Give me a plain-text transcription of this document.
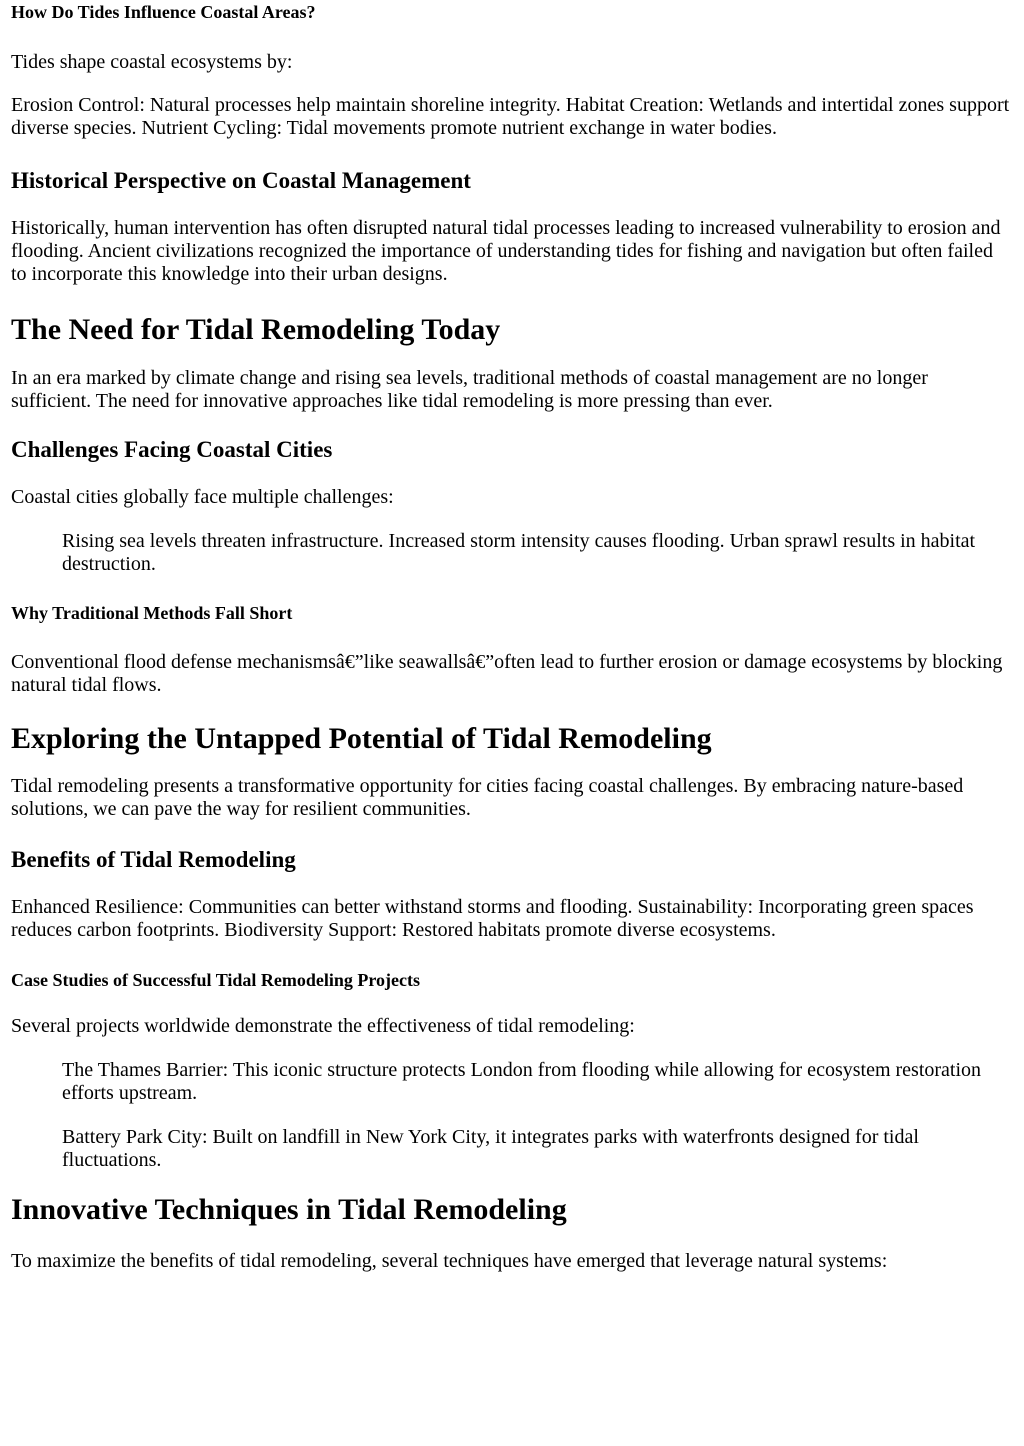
How Do Tides Influence Coastal Areas?

Tides shape coastal ecosystems by:

Erosion Control: Natural processes help maintain shoreline integrity. Habitat Creation: Wetlands and intertidal zones support diverse species. Nutrient Cycling: Tidal movements promote nutrient exchange in water bodies.

Historical Perspective on Coastal Management

Historically, human intervention has often disrupted natural tidal processes leading to increased vulnerability to erosion and flooding. Ancient civilizations recognized the importance of understanding tides for fishing and navigation but often failed to incorporate this knowledge into their urban designs.

The Need for Tidal Remodeling Today

In an era marked by climate change and rising sea levels, traditional methods of coastal management are no longer sufficient. The need for innovative approaches like tidal remodeling is more pressing than ever.

Challenges Facing Coastal Cities

Coastal cities globally face multiple challenges:

Rising sea levels threaten infrastructure. Increased storm intensity causes flooding. Urban sprawl results in habitat destruction.

Why Traditional Methods Fall Short

Conventional flood defense mechanismsâ€”like seawallsâ€”often lead to further erosion or damage ecosystems by blocking natural tidal flows.

Exploring the Untapped Potential of Tidal Remodeling

Tidal remodeling presents a transformative opportunity for cities facing coastal challenges. By embracing nature-based solutions, we can pave the way for resilient communities.

Benefits of Tidal Remodeling

Enhanced Resilience: Communities can better withstand storms and flooding. Sustainability: Incorporating green spaces reduces carbon footprints. Biodiversity Support: Restored habitats promote diverse ecosystems.

Case Studies of Successful Tidal Remodeling Projects

Several projects worldwide demonstrate the effectiveness of tidal remodeling:

The Thames Barrier: This iconic structure protects London from flooding while allowing for ecosystem restoration efforts upstream.

Battery Park City: Built on landfill in New York City, it integrates parks with waterfronts designed for tidal fluctuations.

Innovative Techniques in Tidal Remodeling

To maximize the benefits of tidal remodeling, several techniques have emerged that leverage natural systems:
